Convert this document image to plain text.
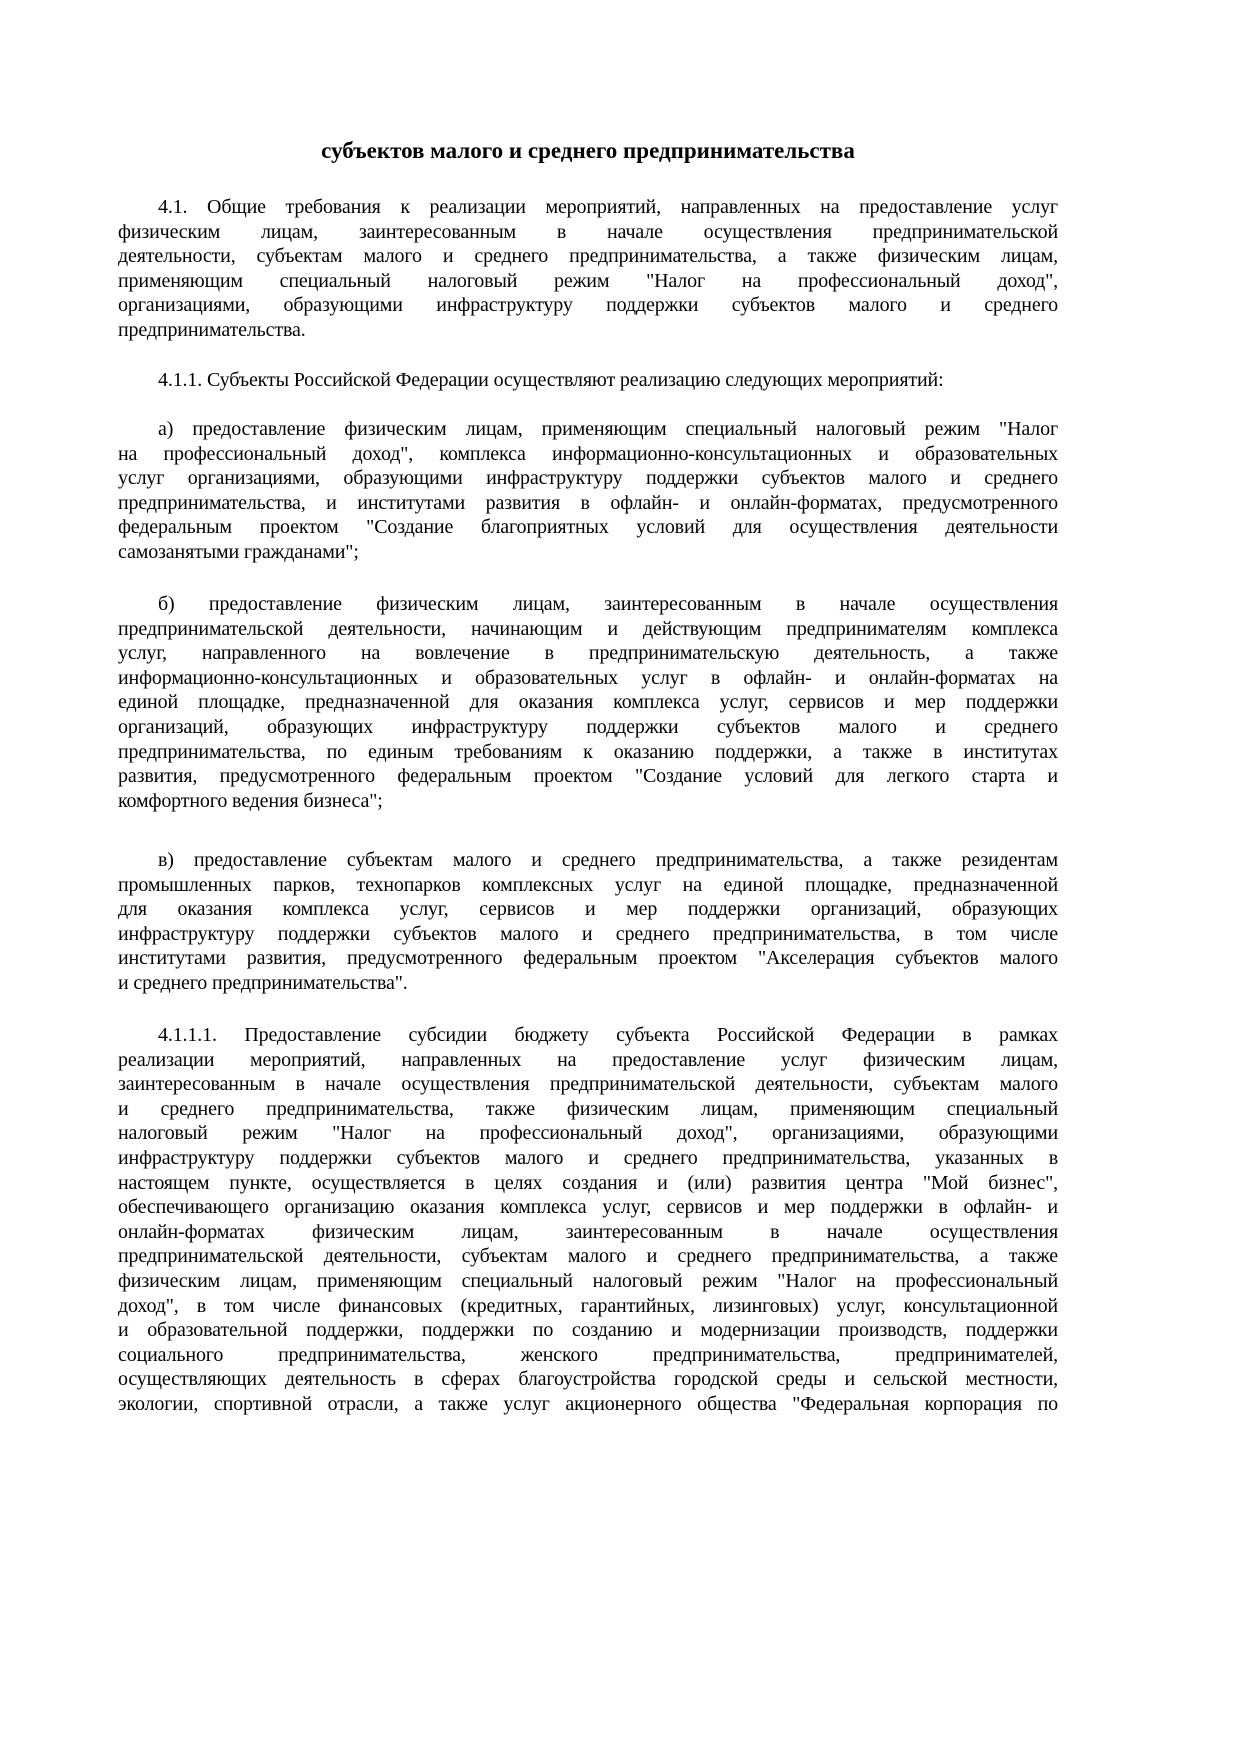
субъектов малого и среднего предпринимательства
4.1. Общие требования к реализации мероприятий, направленных на предоставление услуг
физическим лицам, заинтересованным в начале осуществления предпринимательской
деятельности, субъектам малого и среднего предпринимательства, а также физическим лицам,
применяющим специальный налоговый режим "Налог на профессиональный доход",
организациями, образующими инфраструктуру поддержки субъектов малого и среднего
предпринимательства.
4.1.1. Субъекты Российской Федерации осуществляют реализацию следующих мероприятий:
а) предоставление физическим лицам, применяющим специальный налоговый режим "Налог
на профессиональный доход", комплекса информационно-консультационных и образовательных
услуг организациями, образующими инфраструктуру поддержки субъектов малого и среднего
предпринимательства, и институтами развития в офлайн- и онлайн-форматах, предусмотренного
федеральным проектом "Создание благоприятных условий для осуществления деятельности
самозанятыми гражданами";
б) предоставление физическим лицам, заинтересованным в начале осуществления
предпринимательской деятельности, начинающим и действующим предпринимателям комплекса
услуг, направленного на вовлечение в предпринимательскую деятельность, а также
информационно-консультационных и образовательных услуг в офлайн- и онлайн-форматах на
единой площадке, предназначенной для оказания комплекса услуг, сервисов и мер поддержки
организаций, образующих инфраструктуру поддержки субъектов малого и среднего
предпринимательства, по единым требованиям к оказанию поддержки, а также в институтах
развития, предусмотренного федеральным проектом "Создание условий для легкого старта и
комфортного ведения бизнеса";
в) предоставление субъектам малого и среднего предпринимательства, а также резидентам
промышленных парков, технопарков комплексных услуг на единой площадке, предназначенной
для оказания комплекса услуг, сервисов и мер поддержки организаций, образующих
инфраструктуру поддержки субъектов малого и среднего предпринимательства, в том числе
институтами развития, предусмотренного федеральным проектом "Акселерация субъектов малого
и среднего предпринимательства".
4.1.1.1. Предоставление субсидии бюджету субъекта Российской Федерации в рамках
реализации мероприятий, направленных на предоставление услуг физическим лицам,
заинтересованным в начале осуществления предпринимательской деятельности, субъектам малого
и среднего предпринимательства, также физическим лицам, применяющим специальный
налоговый режим "Налог на профессиональный доход", организациями, образующими
инфраструктуру поддержки субъектов малого и среднего предпринимательства, указанных в
настоящем пункте, осуществляется в целях создания и (или) развития центра "Мой бизнес",
обеспечивающего организацию оказания комплекса услуг, сервисов и мер поддержки в офлайн- и
онлайн-форматах физическим лицам, заинтересованным в начале осуществления
предпринимательской деятельности, субъектам малого и среднего предпринимательства, а также
физическим лицам, применяющим специальный налоговый режим "Налог на профессиональный
доход", в том числе финансовых (кредитных, гарантийных, лизинговых) услуг, консультационной
и образовательной поддержки, поддержки по созданию и модернизации производств, поддержки
социального предпринимательства, женского предпринимательства, предпринимателей,
осуществляющих деятельность в сферах благоустройства городской среды и сельской местности,
экологии, спортивной отрасли, а также услуг акционерного общества "Федеральная корпорация по
